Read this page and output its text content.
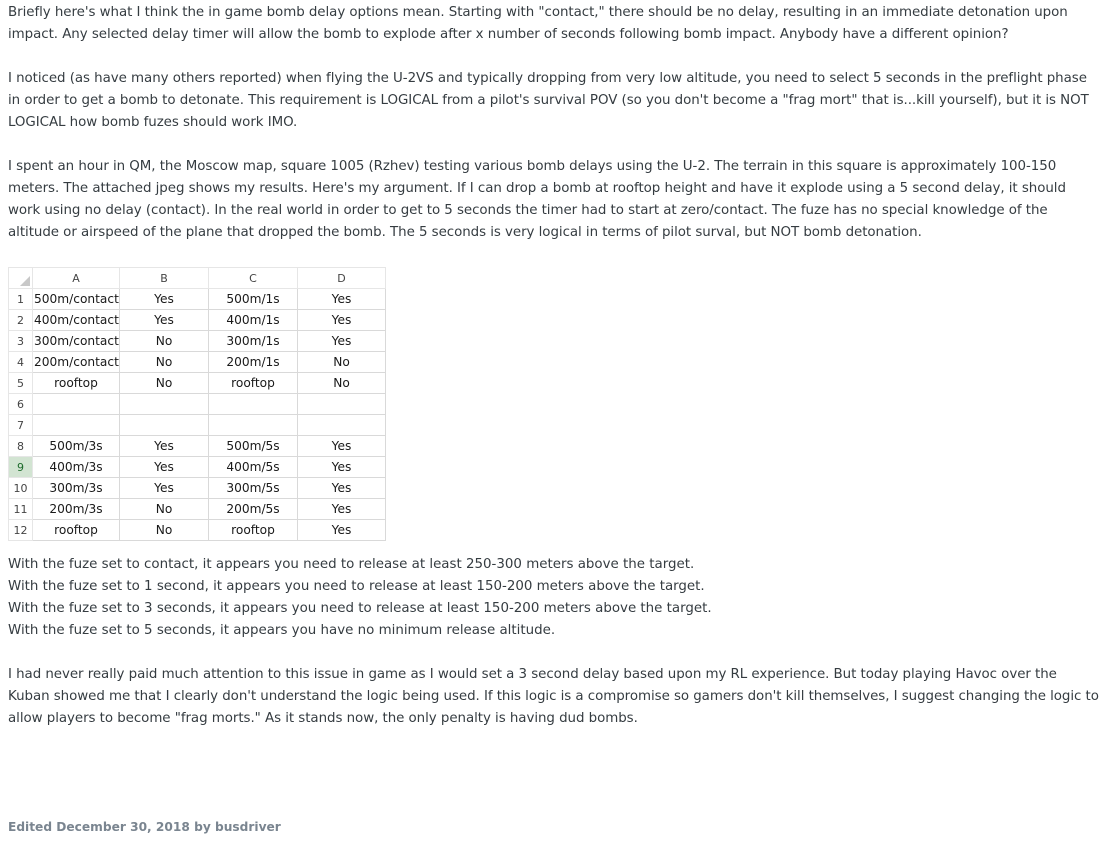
Briefly here's what I think the in game bomb delay options mean. Starting with "contact," there should be no delay, resulting in an immediate detonation upon impact. Any selected delay timer will allow the bomb to explode after x number of seconds following bomb impact. Anybody have a different opinion?

I noticed (as have many others reported) when flying the U-2VS and typically dropping from very low altitude, you need to select 5 seconds in the preflight phase in order to get a bomb to detonate. This requirement is LOGICAL from a pilot's survival POV (so you don't become a "frag mort" that is...kill yourself), but it is NOT LOGICAL how bomb fuzes should work IMO.

I spent an hour in QM, the Moscow map, square 1005 (Rzhev) testing various bomb delays using the U-2. The terrain in this square is approximately 100-150 meters. The attached jpeg shows my results. Here's my argument. If I can drop a bomb at rooftop height and have it explode using a 5 second delay, it should work using no delay (contact). In the real world in order to get to 5 seconds the timer had to start at zero/contact. The fuze has no special knowledge of the altitude or airspeed of the plane that dropped the bomb. The 5 seconds is very logical in terms of pilot surval, but NOT bomb detonation.

	A	B	C	D
1	500m/contact	Yes	500m/1s	Yes
2	400m/contact	Yes	400m/1s	Yes
3	300m/contact	No	300m/1s	Yes
4	200m/contact	No	200m/1s	No
5	rooftop	No	rooftop	No
6				
7				
8	500m/3s	Yes	500m/5s	Yes
9	400m/3s	Yes	400m/5s	Yes
10	300m/3s	Yes	300m/5s	Yes
11	200m/3s	No	200m/5s	Yes
12	rooftop	No	rooftop	Yes
With the fuze set to contact, it appears you need to release at least 250-300 meters above the target.
With the fuze set to 1 second, it appears you need to release at least 150-200 meters above the target.
With the fuze set to 3 seconds, it appears you need to release at least 150-200 meters above the target.
With the fuze set to 5 seconds, it appears you have no minimum release altitude.

I had never really paid much attention to this issue in game as I would set a 3 second delay based upon my RL experience. But today playing Havoc over the Kuban showed me that I clearly don't understand the logic being used. If this logic is a compromise so gamers don't kill themselves, I suggest changing the logic to allow players to become "frag morts." As it stands now, the only penalty is having dud bombs.

Edited December 30, 2018 by busdriver
